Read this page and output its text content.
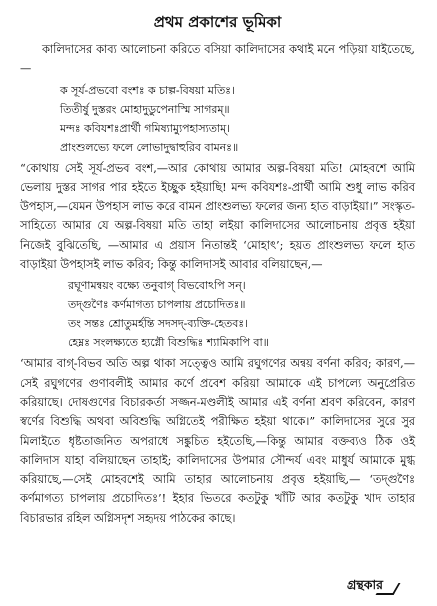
প্রথম প্রকাশের ভূমিকা

কালিদাসের কাব্য আলোচনা করিতে বসিয়া কালিদাসের কথাই মনে পড়িয়া যাইতেছে,—

ক সূর্য-প্রভবো বংশঃ ক চাল্প-বিষয়া মতিঃ।
তিতীর্ষু দুস্তরং মোহাদুডুপেনাস্মি সাগরম্॥
মন্দঃ কবিযশঃপ্রার্থী গমিষ্যাম্যুপহাস্যতাম্।
প্রাংশুলভ্যে ফলে লোভাদুদ্বাহুরিব বামনঃ॥

“কোথায় সেই সূর্য-প্রভব বংশ,—আর কোথায় আমার অল্প-বিষয়া মতি! মোহবশে আমি ভেলায় দুস্তর সাগর পার হইতে ইচ্ছুক হইয়াছি! মন্দ কবিযশঃ-প্রার্থী আমি শুধু লাভ করিব উপহাস,—যেমন উপহাস লাভ করে বামন প্রাংশুলভ্য ফলের জন্য হাত বাড়াইয়া।” সংস্কৃত-সাহিত্যে আমার যে অল্প-বিষয়া মতি তাহা লইয়া কালিদাসের আলোচনায় প্রবৃত্ত হইয়া নিজেই বুঝিতেছি, —আমার এ প্রয়াস নিতান্তই ‘মোহাৎ’; হয়ত প্রাংশুলভ্য ফলে হাত বাড়াইয়া উপহাসই লাভ করিব; কিন্তু কালিদাসই আবার বলিয়াছেন,—

রঘূণামন্বয়ং বক্ষ্যে তনুবাগ্‌ বিভবোঽপি সন্।
তদ্‌গুণৈঃ কর্ণমাগত্য চাপলায় প্রচোদিতঃ॥
তং সন্তঃ শ্রোতুমর্হন্তি সদসদ্‌-ব্যক্তি-হেতবঃ।
হেম্নঃ সংলক্ষ্যতে হ্যগ্নৌ বিশুদ্ধিঃ শ্যামিকাপি বা॥

‘আমার বাগ্‌-বিভব অতি অল্প থাকা সত্ত্বেও আমি রঘুগণের অন্বয় বর্ণনা করিব; কারণ,—সেই রঘুগণের গুণাবলীই আমার কর্ণে প্রবেশ করিয়া আমাকে এই চাপল্যে অনুপ্রেরিত করিয়াছে। দোষগুণের বিচারকর্তা সজ্জন-মণ্ডলীই আমার এই বর্ণনা শ্রবণ করিবেন, কারণ স্বর্ণের বিশুদ্ধি অথবা অবিশুদ্ধি অগ্নিতেই পরীক্ষিত হইয়া থাকে।” কালিদাসের সুরে সুর মিলাইতে ধৃষ্টতাজনিত অপরাধে সঙ্কুচিত হইতেছি,—কিন্তু আমার বক্তব্যও ঠিক ওই কালিদাস যাহা বলিয়াছেন তাহাই; কালিদাসের উপমার সৌন্দর্য এবং মাধুর্য আমাকে মুগ্ধ করিয়াছে,—সেই মোহবশেই আমি তাহার আলোচনায় প্রবৃত্ত হইয়াছি,— ‘তদ্‌গুণৈঃ কর্ণমাগত্য চাপলায় প্রচোদিতঃ’! ইহার ভিতরে কতটুকু খাঁটি আর কতটুকু খাদ তাহার বিচারভার রহিল অগ্নিসদৃশ সহৃদয় পাঠকের কাছে।

গ্রন্থকার
